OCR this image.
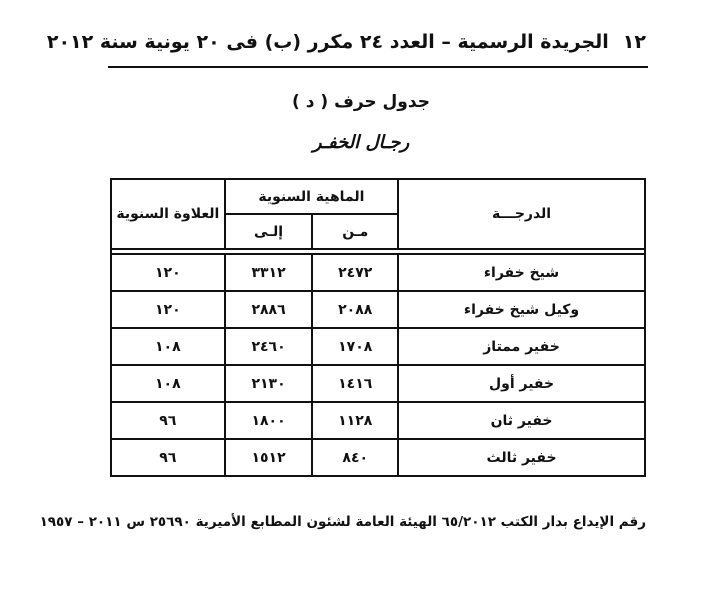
١٢
الجريدة الرسمية – العدد ٢٤ مكرر (ب) فى ٢٠ يونية سنة ٢٠١٢
جدول حرف ( د )
رجـال الخفـر
الدرجـــة	الماهية السنوية		العلاوة السنوية
	مـن	إلـى	

شيخ خفراء	٢٤٧٢	٣٣١٢	١٢٠
وكيل شيخ خفراء	٢٠٨٨	٢٨٨٦	١٢٠
خفير ممتاز	١٧٠٨	٢٤٦٠	١٠٨
خفير أول	١٤١٦	٢١٣٠	١٠٨
خفير ثان	١١٢٨	١٨٠٠	٩٦
خفير ثالث	٨٤٠	١٥١٢	٩٦
رقم الإيداع بدار الكتب ٦٥/٢٠١٢ الهيئة العامة لشئون المطابع الأميرية ٢٥٦٩٠ س ٢٠١١ – ١٩٥٧
